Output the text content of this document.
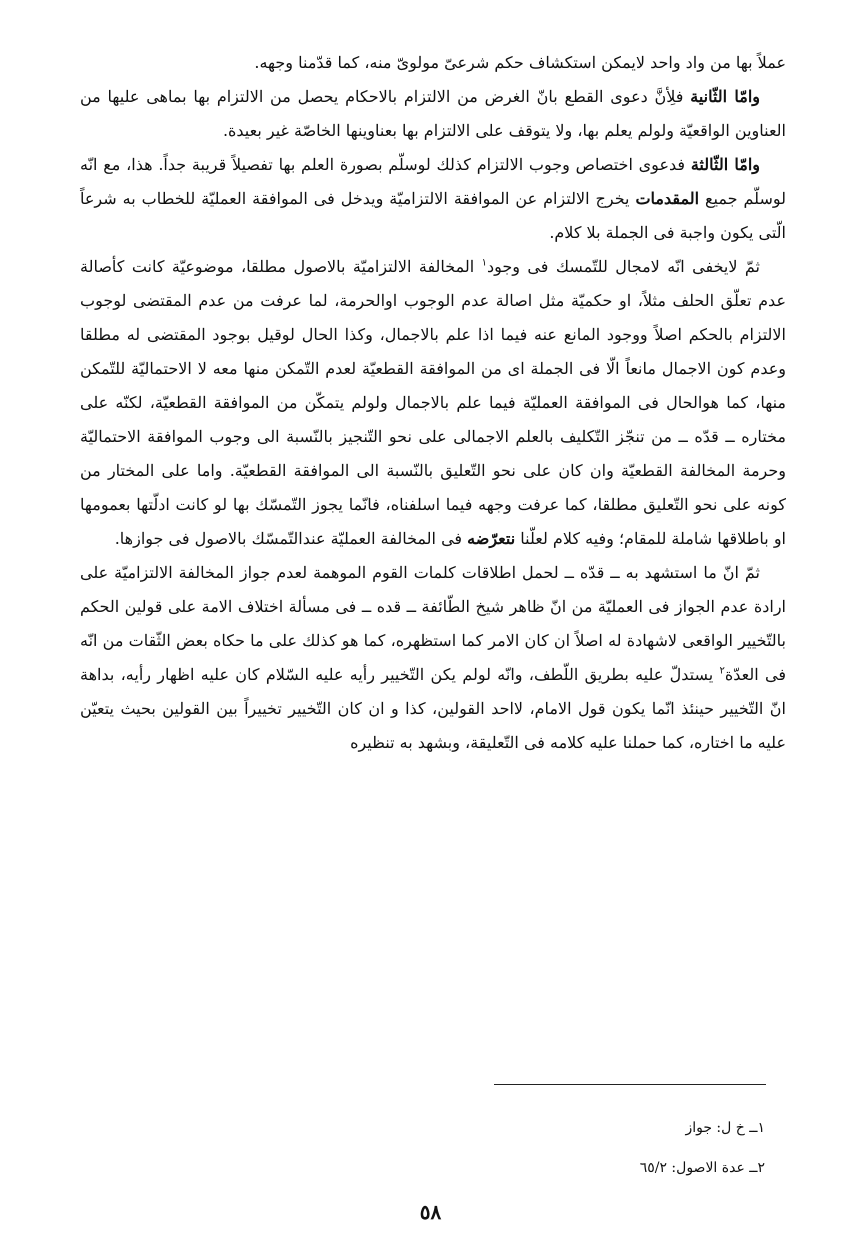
عملاً بها من واد واحد لايمكن استكشاف حكم شرعىّ مولوىّ منه، كما قدّمنا وجهه.

وامّا الثّانية فلِأنَّ دعوى القطع بانّ الغرض من الالتزام بالاحكام يحصل من الالتزام بها بماهى عليها من العناوين الواقعيّة ولولم يعلم بها، ولا يتوقف على الالتزام بها بعناوينها الخاصّة غير بعيدة.

وامّا الثّالثة فدعوى اختصاص وجوب الالتزام كذلك لوسلّم بصورة العلم بها تفصيلاً قريبة جداً. هذا، مع انّه لوسلّم جميع المقدمات يخرج الالتزام عن الموافقة الالتزاميّة ويدخل فى الموافقة العمليّة للخطاب به شرعاً الّتى يكون واجبة فى الجملة بلا كلام.

ثمّ لايخفى انّه لامجال للتّمسك فى وجود$^١$ المخالفة الالتزاميّة بالاصول مطلقا، موضوعيّة كانت كأصالة عدم تعلّق الحلف مثلاً، او حكميّة مثل اصالة عدم الوجوب اوالحرمة، لما عرفت من عدم المقتضى لوجوب الالتزام بالحكم اصلاً ووجود المانع عنه فيما اذا علم بالاجمال، وكذا الحال لوقيل بوجود المقتضى له مطلقا وعدم كون الاجمال مانعاً الّا فى الجملة اى من الموافقة القطعيّة لعدم التّمكن منها معه لا الاحتماليّة للتّمكن منها، كما هوالحال فى الموافقة العمليّة فيما علم بالاجمال ولولم يتمكّن من الموافقة القطعيّة، لكنّه على مختاره ــ قدّه ــ من تنجّز التّكليف بالعلم الاجمالى على نحو التّنجيز بالنّسبة الى وجوب الموافقة الاحتماليّة وحرمة المخالفة القطعيّة وان كان على نحو التّعليق بالنّسبة الى الموافقة القطعيّة. واما على المختار من كونه على نحو التّعليق مطلقا، كما عرفت وجهه فيما اسلفناه، فانّما يجوز التّمسّك بها لو كانت ادلّتها بعمومها او باطلاقها شاملة للمقام؛ وفيه كلام لعلّنا نتعرّضه فى المخالفة العمليّة عندالتّمسّك بالاصول فى جوازها.

ثمّ انّ ما استشهد به ــ قدّه ــ لحمل اطلاقات كلمات القوم الموهمة لعدم جواز المخالفة الالتزاميّة على ارادة عدم الجواز فى العمليّة من انّ ظاهر شيخ الطّائفة ــ قده ــ فى مسألة اختلاف الامة على قولين الحكم بالتّخيير الواقعى لاشهادة له اصلاً ان كان الامر كما استظهره، كما هو كذلك على ما حكاه بعض الثّقات من انّه فى العدّة$^٢$ يستدلّ عليه بطريق اللّطف، وانّه لولم يكن التّخيير رأيه عليه السّلام كان عليه اظهار رأيه، بداهة انّ التّخيير حينئذ انّما يكون قول الامام، لااحد القولين، كذا و ان كان التّخيير تخييراً بين القولين بحيث يتعيّن عليه ما اختاره، كما حملنا عليه كلامه فى التّعليقة، وبشهد به تنظيره

١ــ خ ل: جواز
٢ــ عدة الاصول: ٦٥/٢
٥٨
